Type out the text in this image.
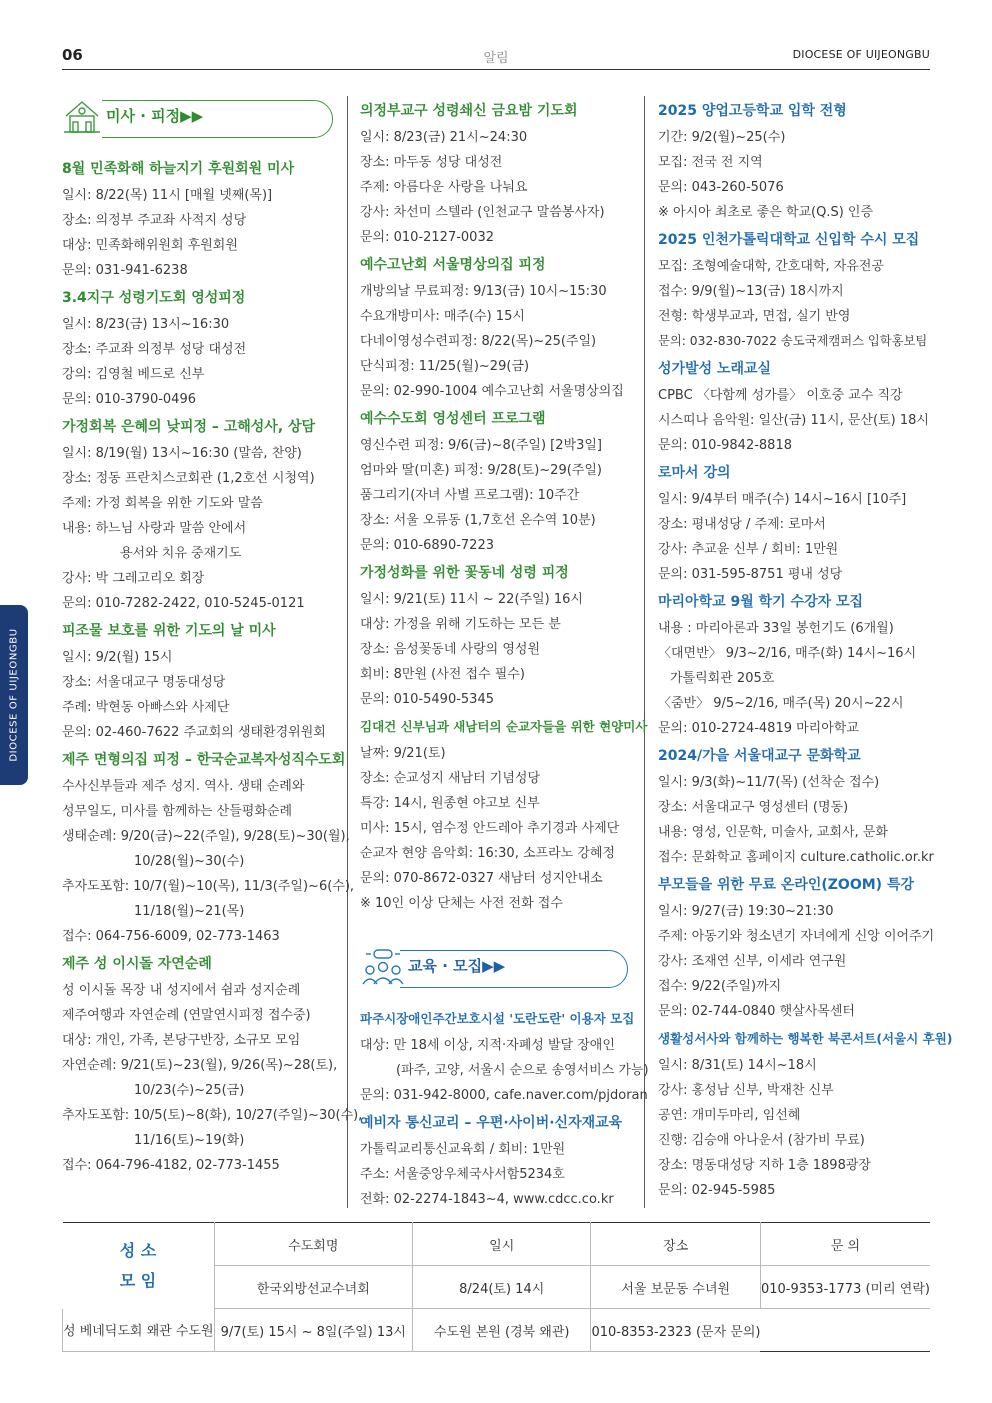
06	알림	DIOCESE OF UIJEONGBU
DIOCESE OF UIJEONGBU
미사 · 피정▶▶
8월 민족화해 하늘지기 후원회원 미사
일시: 8/22(목) 11시 [매월 넷째(목)]
장소: 의정부 주교좌 사적지 성당
대상: 민족화해위원회 후원회원
문의: 031-941-6238
3.4지구 성령기도회 영성피정
일시: 8/23(금) 13시~16:30
장소: 주교좌 의정부 성당 대성전
강의: 김영철 베드로 신부
문의: 010-3790-0496
가정회복 은혜의 낮피정 – 고해성사, 상담
일시: 8/19(월) 13시~16:30 (말씀, 찬양)
장소: 정동 프란치스코회관 (1,2호선 시청역)
주제: 가정 회복을 위한 기도와 말씀
내용: 하느님 사랑과 말씀 안에서
용서와 치유 중재기도
강사: 박 그레고리오 회장
문의: 010-7282-2422, 010-5245-0121
피조물 보호를 위한 기도의 날 미사
일시: 9/2(월) 15시
장소: 서울대교구 명동대성당
주례: 박현동 아빠스와 사제단
문의: 02-460-7622 주교회의 생태환경위원회
제주 면형의집 피정 – 한국순교복자성직수도회
수사신부들과 제주 성지. 역사. 생태 순례와
성무일도, 미사를 함께하는 산들평화순례
생태순례: 9/20(금)~22(주일), 9/28(토)~30(월),
10/28(월)~30(수)
추자도포함: 10/7(월)~10(목), 11/3(주일)~6(수),
11/18(월)~21(목)
접수: 064-756-6009, 02-773-1463
제주 성 이시돌 자연순례
성 이시돌 목장 내 성지에서 쉼과 성지순례
제주여행과 자연순례 (연말연시피정 접수중)
대상: 개인, 가족, 본당구반장, 소규모 모임
자연순례: 9/21(토)~23(월), 9/26(목)~28(토),
10/23(수)~25(금)
추자도포함: 10/5(토)~8(화), 10/27(주일)~30(수),
11/16(토)~19(화)
접수: 064-796-4182, 02-773-1455
의정부교구 성령쇄신 금요밤 기도회
일시: 8/23(금) 21시~24:30
장소: 마두동 성당 대성전
주제: 아름다운 사랑을 나눠요
강사: 차선미 스텔라 (인천교구 말씀봉사자)
문의: 010-2127-0032
예수고난회 서울명상의집 피정
개방의날 무료피정: 9/13(금) 10시~15:30
수요개방미사: 매주(수) 15시
다네이영성수련피정: 8/22(목)~25(주일)
단식피정: 11/25(월)~29(금)
문의: 02-990-1004 예수고난회 서울명상의집
예수수도회 영성센터 프로그램
영신수련 피정: 9/6(금)~8(주일) [2박3일]
엄마와 딸(미혼) 피정: 9/28(토)~29(주일)
품그리기(자녀 사별 프로그램): 10주간
장소: 서울 오류동 (1,7호선 온수역 10분)
문의: 010-6890-7223
가정성화를 위한 꽃동네 성령 피정
일시: 9/21(토) 11시 ~ 22(주일) 16시
대상: 가정을 위해 기도하는 모든 분
장소: 음성꽃동네 사랑의 영성원
회비: 8만원 (사전 접수 필수)
문의: 010-5490-5345
김대건 신부님과 새남터의 순교자들을 위한 현양미사
날짜: 9/21(토)
장소: 순교성지 새남터 기념성당
특강: 14시, 원종현 야고보 신부
미사: 15시, 염수정 안드레아 추기경과 사제단
순교자 현양 음악회: 16:30, 소프라노 강혜정
문의: 070-8672-0327 새남터 성지안내소
※ 10인 이상 단체는 사전 전화 접수
교육 · 모집▶▶
파주시장애인주간보호시설 '도란도란' 이용자 모집
대상: 만 18세 이상, 지적·자폐성 발달 장애인
(파주, 고양, 서울시 순으로 송영서비스 가능)
문의: 031-942-8000, cafe.naver.com/pjdoran
예비자 통신교리 – 우편·사이버·신자재교육
가톨릭교리통신교육회 / 회비: 1만원
주소: 서울중앙우체국사서함5234호
전화: 02-2274-1843~4, www.cdcc.co.kr
2025 양업고등학교 입학 전형
기간: 9/2(월)~25(수)
모집: 전국 전 지역
문의: 043-260-5076
※ 아시아 최초로 좋은 학교(Q.S) 인증
2025 인천가톨릭대학교 신입학 수시 모집
모집: 조형예술대학, 간호대학, 자유전공
접수: 9/9(월)~13(금) 18시까지
전형: 학생부교과, 면접, 실기 반영
문의: 032-830-7022 송도국제캠퍼스 입학홍보팀
성가발성 노래교실
CPBC 〈다함께 성가를〉 이호중 교수 직강
시스띠나 음악원: 일산(금) 11시, 문산(토) 18시
문의: 010-9842-8818
로마서 강의
일시: 9/4부터 매주(수) 14시~16시 [10주]
장소: 평내성당 / 주제: 로마서
강사: 추교윤 신부 / 회비: 1만원
문의: 031-595-8751 평내 성당
마리아학교 9월 학기 수강자 모집
내용 : 마리아론과 33일 봉헌기도 (6개월)
〈대면반〉 9/3~2/16, 매주(화) 14시~16시
가톨릭회관 205호
〈줌반〉 9/5~2/16, 매주(목) 20시~22시
문의: 010-2724-4819 마리아학교
2024/가을 서울대교구 문화학교
일시: 9/3(화)~11/7(목) (선착순 접수)
장소: 서울대교구 영성센터 (명동)
내용: 영성, 인문학, 미술사, 교회사, 문화
접수: 문화학교 홈페이지 culture.catholic.or.kr
부모들을 위한 무료 온라인(ZOOM) 특강
일시: 9/27(금) 19:30~21:30
주제: 아동기와 청소년기 자녀에게 신앙 이어주기
강사: 조재연 신부, 이세라 연구원
접수: 9/22(주일)까지
문의: 02-744-0840 햇살사목센터
생활성서사와 함께하는 행복한 북콘서트(서울시 후원)
일시: 8/31(토) 14시~18시
강사: 홍성남 신부, 박재찬 신부
공연: 개미두마리, 임선혜
진행: 김승애 아나운서 (참가비 무료)
장소: 명동대성당 지하 1층 1898광장
문의: 02-945-5985
성 소
모 임	수도회명	일시	장소	문 의
	한국외방선교수녀회	8/24(토) 14시	서울 보문동 수녀원	010-9353-1773 (미리 연락)
성 베네딕도회 왜관 수도원	9/7(토) 15시 ~ 8일(주일) 13시	수도원 본원 (경북 왜관)	010-8353-2323 (문자 문의)	
